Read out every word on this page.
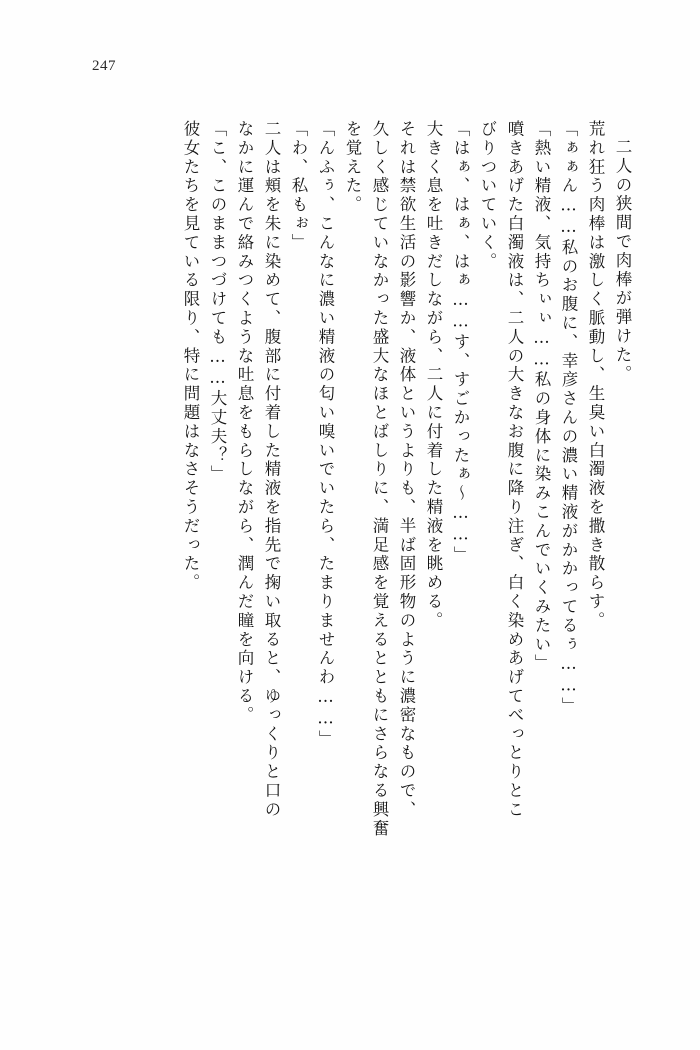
247
二人の狭間で肉棒が弾けた。
荒れ狂う肉棒は激しく脈動し、生臭い白濁液を撒き散らす。
「ぁぁん……私のお腹に、幸彦さんの濃い精液がかかってるぅ……」
「熱い精液、気持ちぃぃ……私の身体に染みこんでいくみたい」
噴きあげた白濁液は、二人の大きなお腹に降り注ぎ、白く染めあげてべっとりとこ
びりついていく。
「はぁ、はぁ、はぁ……す、すごかったぁ〜……」
大きく息を吐きだしながら、二人に付着した精液を眺める。
それは禁欲生活の影響か、液体というよりも、半ば固形物のように濃密なもので、
久しく感じていなかった盛大なほとばしりに、満足感を覚えるとともにさらなる興奮
を覚えた。
「んふぅ、こんなに濃い精液の匂い嗅いでいたら、たまりませんわ……」
「わ、私もぉ」
二人は頬を朱に染めて、腹部に付着した精液を指先で掬い取ると、ゆっくりと口の
なかに運んで絡みつくような吐息をもらしながら、潤んだ瞳を向ける。
「こ、このままつづけても……大丈夫？」
彼女たちを見ている限り、特に問題はなさそうだった。
